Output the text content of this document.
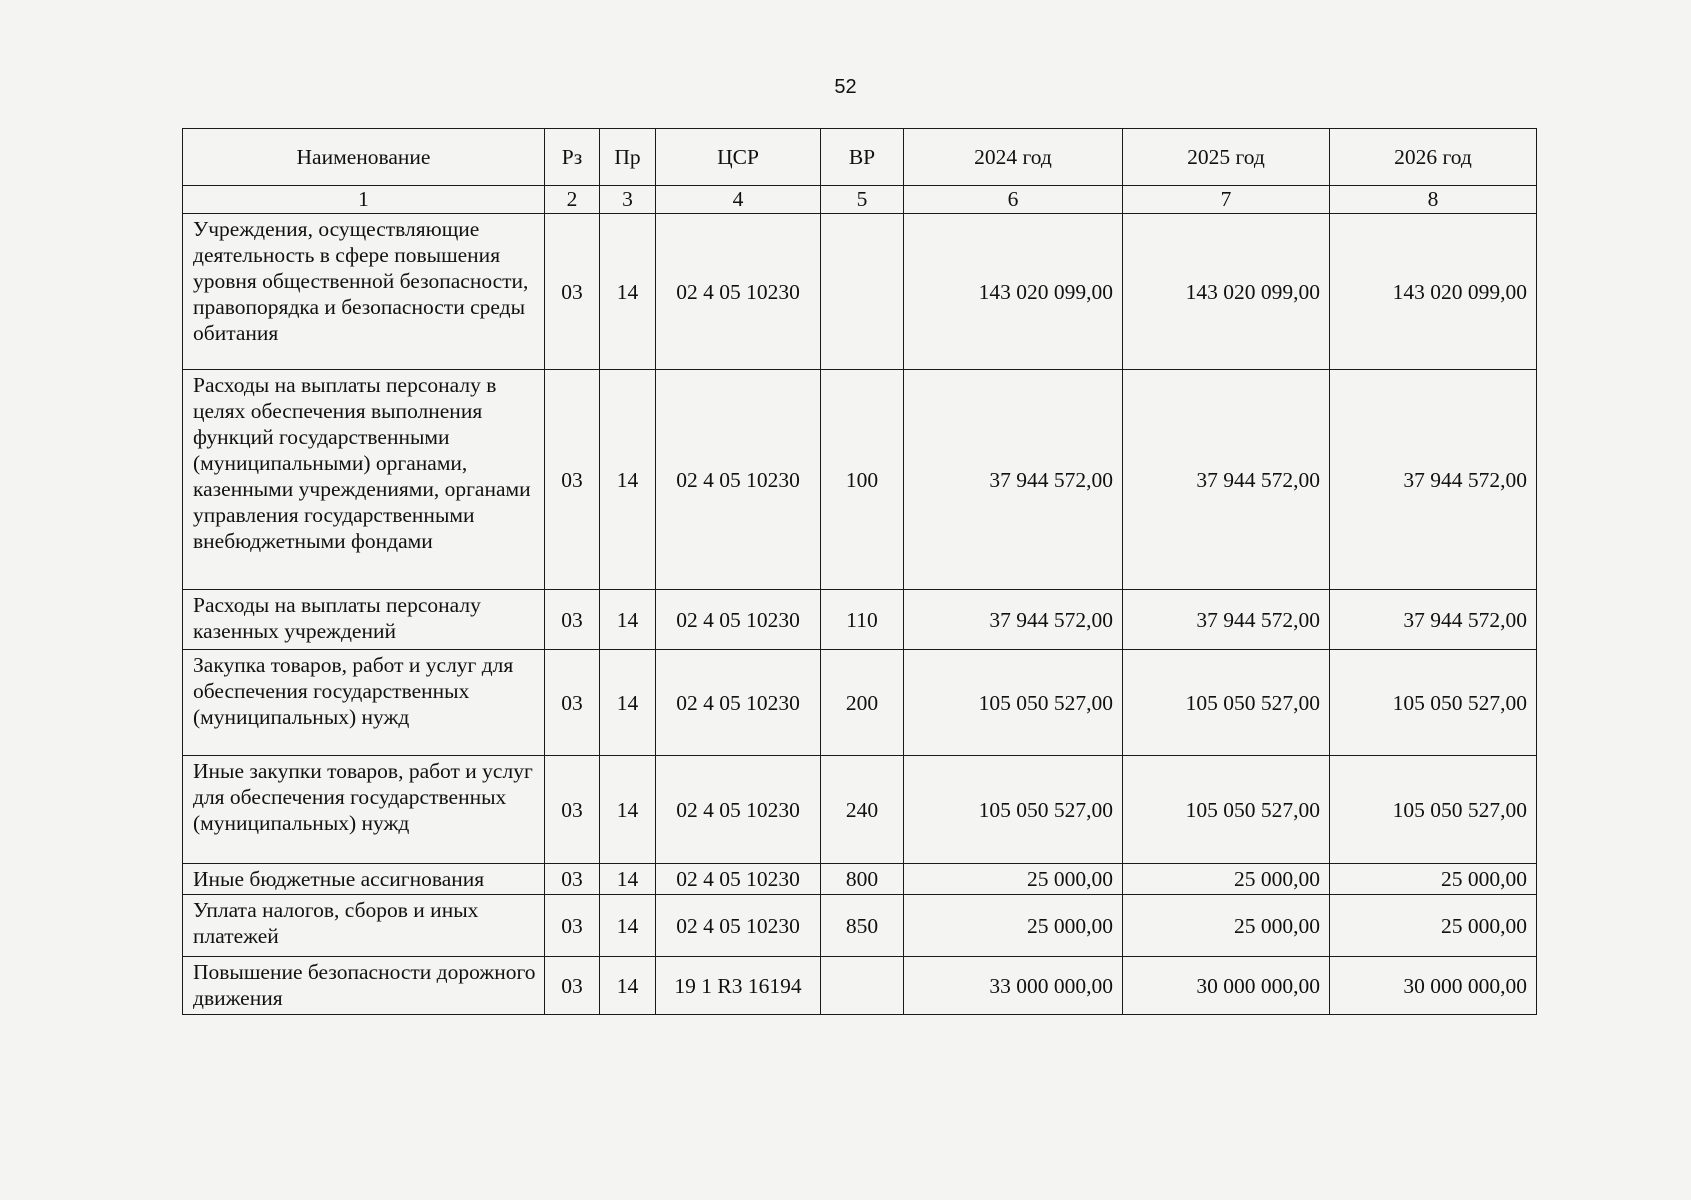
52
Наименование	Рз	Пр	ЦСР	ВР	2024 год	2025 год	2026 год
1	2	3	4	5	6	7	8
Учреждения, осуществляющие деятельность в сфере повышения уровня общественной безопасности, правопорядка и безопасности среды обитания	03	14	02 4 05 10230		143 020 099,00	143 020 099,00	143 020 099,00
Расходы на выплаты персоналу в целях обеспечения выполнения функций государственными (муниципальными) органами, казенными учреждениями, органами управления государственными внебюджетными фондами	03	14	02 4 05 10230	100	37 944 572,00	37 944 572,00	37 944 572,00
Расходы на выплаты персоналу казенных учреждений	03	14	02 4 05 10230	110	37 944 572,00	37 944 572,00	37 944 572,00
Закупка товаров, работ и услуг для обеспечения государственных (муниципальных) нужд	03	14	02 4 05 10230	200	105 050 527,00	105 050 527,00	105 050 527,00
Иные закупки товаров, работ и услуг для обеспечения государственных (муниципальных) нужд	03	14	02 4 05 10230	240	105 050 527,00	105 050 527,00	105 050 527,00
Иные бюджетные ассигнования	03	14	02 4 05 10230	800	25 000,00	25 000,00	25 000,00
Уплата налогов, сборов и иных платежей	03	14	02 4 05 10230	850	25 000,00	25 000,00	25 000,00
Повышение безопасности дорожного движения	03	14	19 1 R3 16194		33 000 000,00	30 000 000,00	30 000 000,00
